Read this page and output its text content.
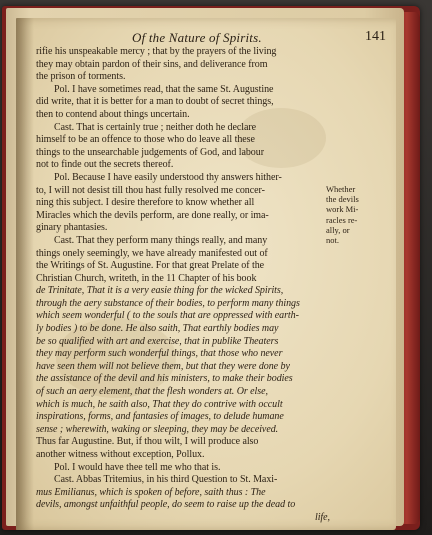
Of the Nature of Spirits.	141
rifie his unspeakable mercy ; that by the prayers of the living
they may obtain pardon of their sins, and deliverance from
the prison of torments.
Pol. I have sometimes read, that the same St. Augustine
did write, that it is better for a man to doubt of secret things,
then to contend about things uncertain.
Cast. That is certainly true ; neither doth he declare
himself to be an offence to those who do leave all these
things to the unsearchable judgements of God, and labour
not to finde out the secrets thereof.
Pol. Because I have easily understood thy answers hither-
to, I will not desist till thou hast fully resolved me concer-
ning this subject. I desire therefore to know whether all
Miracles which the devils perform, are done really, or ima-
ginary phantasies.
Cast. That they perform many things really, and many
things onely seemingly, we have already manifested out of
the Writings of St. Augustine. For that great Prelate of the
Christian Church, writeth, in the 11 Chapter of his book
de Trinitate, That it is a very easie thing for the wicked Spirits,
through the aery substance of their bodies, to perform many things
which seem wonderful ( to the souls that are oppressed with earth-
ly bodies ) to be done. He also saith, That earthly bodies may
be so qualified with art and exercise, that in publike Theaters
they may perform such wonderful things, that those who never
have seen them will not believe them, but that they were done by
the assistance of the devil and his ministers, to make their bodies
of such an aery element, that the flesh wonders at. Or else,
which is much, he saith also, That they do contrive with occult
inspirations, forms, and fantasies of images, to delude humane
sense ; wherewith, waking or sleeping, they may be deceived.
Thus far Augustine. But, if thou wilt, I will produce also
another witness without exception, Pollux.
Pol. I would have thee tell me who that is.
Cast. Abbas Tritemius, in his third Question to St. Maxi-
mus Emilianus, which is spoken of before, saith thus : The
devils, amongst unfaithful people, do seem to raise up the dead to
life,
Whether
the devils
work Mi-
racles re-
ally, or
not.
